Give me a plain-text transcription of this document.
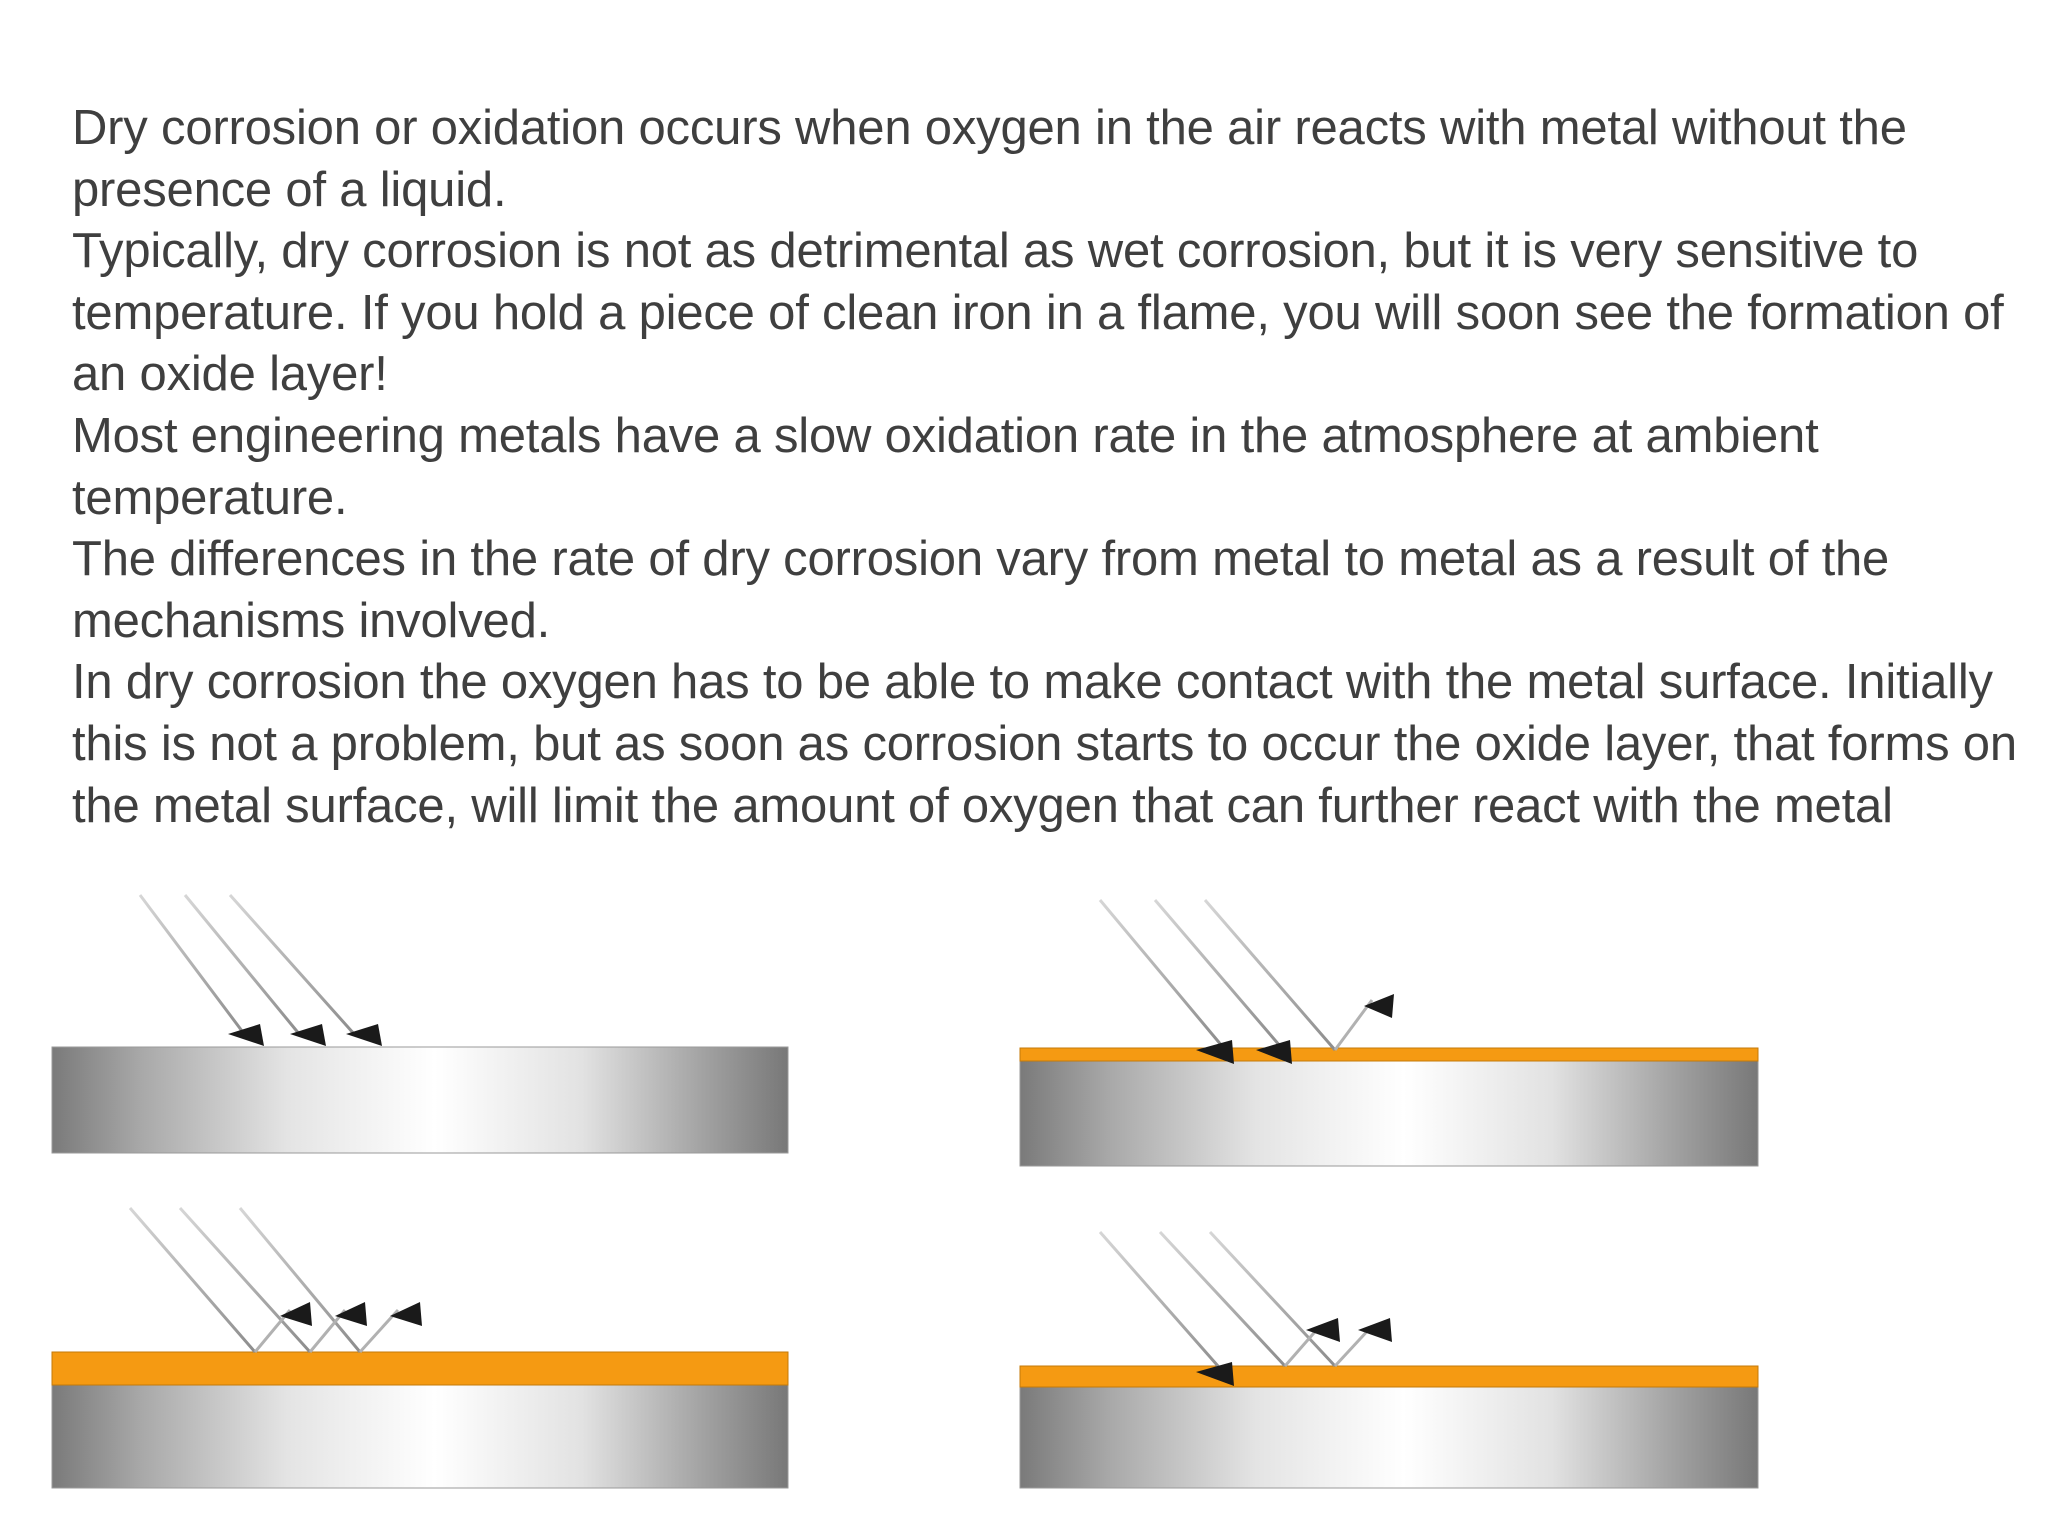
Dry corrosion or oxidation occurs when oxygen in the air reacts with metal without the presence of a liquid.

Typically, dry corrosion is not as detrimental as wet corrosion, but it is very sensitive to temperature. If you hold a piece of clean iron in a flame, you will soon see the formation of an oxide layer!

Most engineering metals have a slow oxidation rate in the atmosphere at ambient temperature.

The differences in the rate of dry corrosion vary from metal to metal as a result of the mechanisms involved.

In dry corrosion the oxygen has to be able to make contact with the metal surface. Initially this is not a problem, but as soon as corrosion starts to occur the oxide layer, that forms on the metal surface, will limit the amount of oxygen that can further react with the metal
